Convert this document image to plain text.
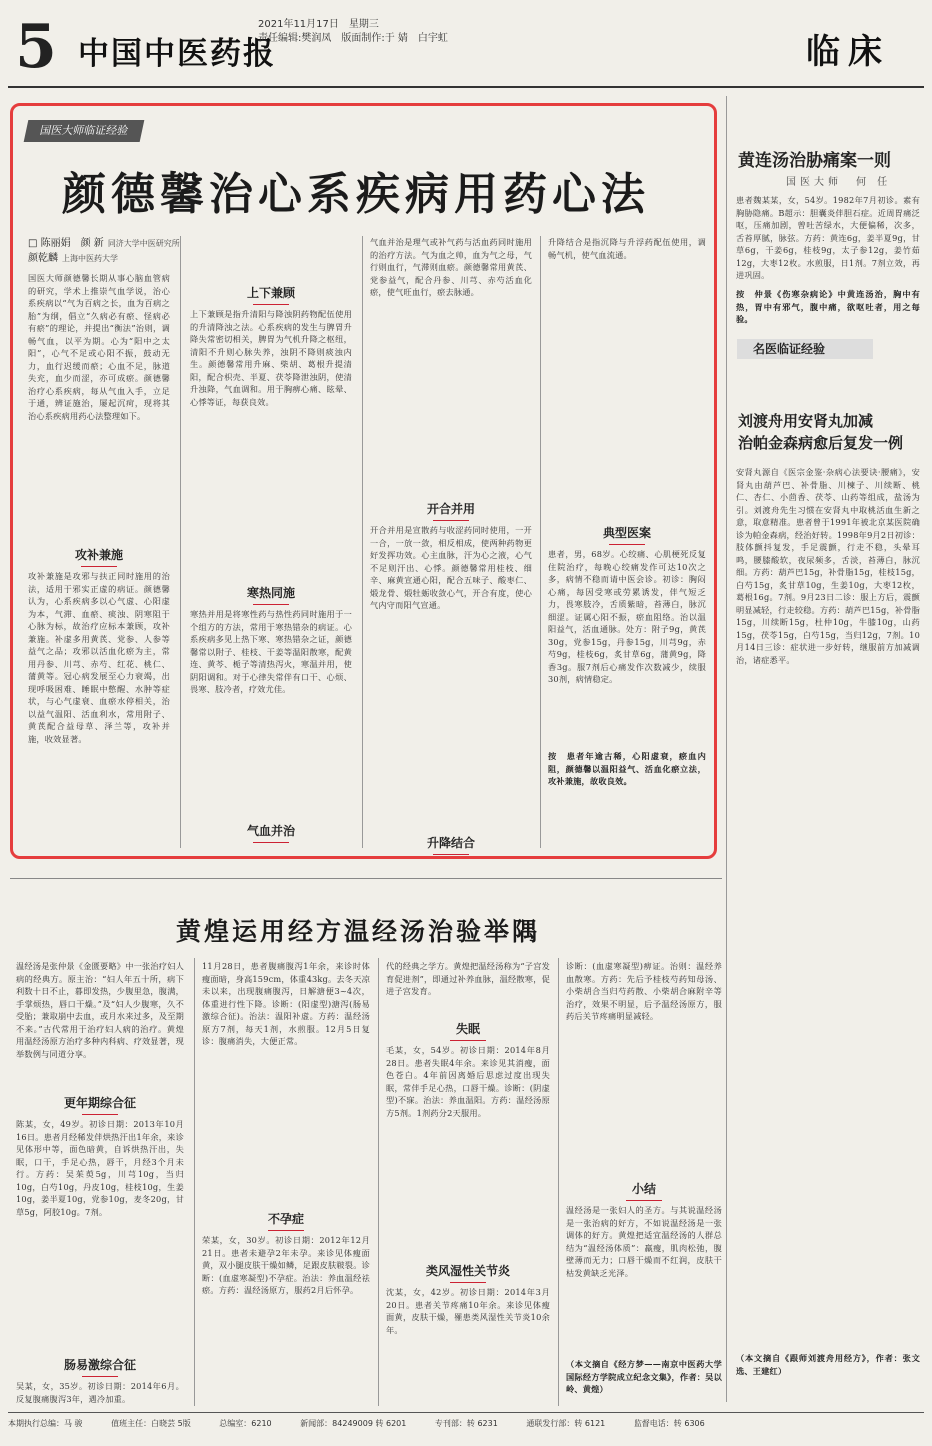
5 中国中医药报
2021年11月17日　星期三
责任编辑:樊润凤　版面制作:于 婧　白宇虹	临床
国医大师临证经验
颜德馨治心系疾病用药心法
□ 陈丽娟　颜 新 同济大学中医研究所
颜乾麟 上海中医药大学
国医大师颜德馨长期从事心脑血管病的研究，学术上推崇气血学说，治心系疾病以“气为百病之长，血为百病之胎”为纲，倡立“久病必有瘀、怪病必有瘀”的理论，并提出“衡法”治则，调畅气血，以平为期。心为“阳中之太阳”，心气不足或心阳不振，鼓动无力，血行迟缓而瘀；心血不足，脉道失充，血少而涩，亦可成瘀。颜德馨治疗心系疾病，每从气血入手，立足于通，辨证施治，屡起沉疴，现将其治心系疾病用药心法整理如下。
攻补兼施
攻补兼施是攻邪与扶正同时施用的治法，适用于邪实正虚的病证。颜德馨认为，心系疾病多以心气虚、心阳虚为本，气滞、血瘀、痰浊、阴寒阻于心脉为标，故治疗应标本兼顾，攻补兼施。补虚多用黄芪、党参、人参等益气之品；攻邪以活血化瘀为主，常用丹参、川芎、赤芍、红花、桃仁、蒲黄等。冠心病发展至心力衰竭，出现呼吸困难、睡眠中憋醒、水肿等症状，与心气虚衰、血瘀水停相关，治以益气温阳、活血利水，常用附子、黄芪配合益母草、泽兰等，攻补并施，收效显著。
上下兼顾
上下兼顾是指升清阳与降浊阴药物配伍使用的升清降浊之法。心系疾病的发生与脾胃升降失常密切相关，脾胃为气机升降之枢纽，清阳不升则心脉失养，浊阴不降则痰浊内生。颜德馨常用升麻、柴胡、葛根升提清阳，配合枳壳、半夏、茯苓降泄浊阴，使清升浊降，气血调和。用于胸痹心痛、眩晕、心悸等证，每获良效。
寒热同施
寒热并用是将寒性药与热性药同时施用于一个组方的方法，常用于寒热错杂的病证。心系疾病多见上热下寒、寒热错杂之证，颜德馨常以附子、桂枝、干姜等温阳散寒，配黄连、黄芩、栀子等清热泻火，寒温并用，使阴阳调和。对于心律失常伴有口干、心烦、畏寒、肢冷者，疗效尤佳。
气血并治
气血并治是理气或补气药与活血药同时施用的治疗方法。气为血之帅，血为气之母，气行则血行，气滞则血瘀。颜德馨常用黄芪、党参益气，配合丹参、川芎、赤芍活血化瘀，使气旺血行，瘀去脉通。
开合并用
开合并用是宣散药与收涩药同时使用，一开一合，一放一敛，相反相成，使两种药物更好发挥功效。心主血脉，汗为心之液，心气不足则汗出、心悸。颜德馨常用桂枝、细辛、麻黄宣通心阳，配合五味子、酸枣仁、煅龙骨、煅牡蛎收敛心气，开合有度，使心气内守而阳气宣通。
升降结合
升降结合是指沉降与升浮药配伍使用，调畅气机，使气血流通。
典型医案
患者，男，68岁。心绞痛、心肌梗死反复住院治疗，每晚心绞痛发作可达10次之多，病情不稳而请中医会诊。初诊：胸闷心痛，每因受寒或劳累诱发，伴气短乏力，畏寒肢冷，舌质紫暗，苔薄白，脉沉细涩。证属心阳不振，瘀血阻络。治以温阳益气，活血通脉。处方：附子9g，黄芪30g，党参15g，丹参15g，川芎9g，赤芍9g，桂枝6g，炙甘草6g，蒲黄9g，降香3g。服7剂后心痛发作次数减少，续服30剂，病情稳定。
按　患者年逾古稀，心阳虚衰，瘀血内阻，颜德馨以温阳益气、活血化瘀立法，攻补兼施，故收良效。
黄连汤治胁痛案一则
国医大师　何 任
患者魏某某，女，54岁。1982年7月初诊。素有胸胁隐痛。B超示：胆囊炎伴胆石症。近周胃痛泛呕，压痛加剧，曾吐苦绿水，大便偏稀，次多，舌苔厚腻，脉弦。方药：黄连6g，姜半夏9g，甘草6g，干姜6g，桂枝9g，太子参12g，姜竹茹12g，大枣12枚。水煎服，日1剂。7剂立效，再进巩固。
按　仲景《伤寒杂病论》中黄连汤治，胸中有热，胃中有邪气，腹中痛，欲呕吐者，用之每验。
名医临证经验
刘渡舟用安肾丸加减
治帕金森病愈后复发一例
安肾丸源自《医宗金鉴·杂病心法要诀·腰痛》，安肾丸由葫芦巴、补骨脂、川楝子、川续断、桃仁、杏仁、小茴香、茯苓、山药等组成，盐汤为引。刘渡舟先生习惯在安肾丸中取桃活血生新之意，取意精准。患者曾于1991年被北京某医院确诊为帕金森病，经治好转。1998年9月2日初诊：肢体颤抖复发，手足震颤，行走不稳，头晕耳鸣，腰膝酸软，夜尿频多，舌淡，苔薄白，脉沉细。方药：葫芦巴15g，补骨脂15g，桂枝15g，白芍15g，炙甘草10g，生姜10g，大枣12枚，葛根16g。7剂。9月23日二诊：服上方后，震颤明显减轻，行走较稳。方药：葫芦巴15g，补骨脂15g，川续断15g，杜仲10g，牛膝10g，山药15g，茯苓15g，白芍15g，当归12g，7剂。10月14日三诊：症状进一步好转，继服前方加减调治，诸症悉平。
（本文摘自《跟师刘渡舟用经方》，作者：张文选、王建红）
黄煌运用经方温经汤治验举隅
温经汤是张仲景《金匮要略》中一张治疗妇人病的经典方。原主治：“妇人年五十所，病下利数十日不止，暮即发热，少腹里急，腹满，手掌烦热，唇口干燥。”及“妇人少腹寒，久不受胎；兼取崩中去血，或月水来过多，及至期不来。”古代常用于治疗妇人病的治疗。黄煌用温经汤原方治疗多种内科病、疗效显著，现举数例与同道分享。
更年期综合征
陈某，女，49岁。初诊日期：2013年10月16日。患者月经稀发伴烘热汗出1年余，来诊见体形中等，面色暗黄，自诉烘热汗出，失眠，口干，手足心热，唇干，月经3个月未行。方药：吴茱萸5g，川芎10g，当归10g，白芍10g，丹皮10g，桂枝10g，生姜10g，姜半夏10g，党参10g，麦冬20g，甘草5g，阿胶10g。7剂。
肠易激综合征
吴某，女，35岁。初诊日期：2014年6月。反复腹痛腹泻3年，遇冷加重。
11月28日，患者腹痛腹泻1年余，来诊时体瘦面暗，身高159cm，体重43kg。去冬天凉未以来，出现腹痛腹泻，日解溏便3~4次，体重进行性下降。诊断：(阳虚型)溏泻(肠易激综合征)。治法：温阳补虚。方药：温经汤原方7剂，每天1剂，水煎服。12月5日复诊：腹痛消失，大便正常。
不孕症
荣某，女，30岁。初诊日期：2012年12月21日。患者未避孕2年未孕。来诊见体瘦面黄，双小腿皮肤干燥如鳞，足跟皮肤皲裂。诊断：(血虚寒凝型)不孕症。治法：养血温经祛瘀。方药：温经汤原方，服药2月后怀孕。
代的经典之学方。黄煌把温经汤称为“子宫发育促进剂”，即通过补养血脉，温经散寒，促进子宫发育。
失眠
毛某，女，54岁。初诊日期：2014年8月28日。患者失眠4年余。来诊见其消瘦，面色苍白。4年前因离婚后思虑过度出现失眠，常伴手足心热，口唇干燥。诊断：(阴虚型)不寐。治法：养血温阳。方药：温经汤原方5剂。1剂药分2天服用。
类风湿性关节炎
沈某，女，42岁。初诊日期：2014年3月20日。患者关节疼痛10年余。来诊见体瘦面黄，皮肤干燥，罹患类风湿性关节炎10余年。
诊断：(血虚寒凝型)痹证。治则：温经养血散寒。方药：先后予桂枝芍药知母汤、小柴胡合当归芍药散、小柴胡合麻附辛等治疗，效果不明显，后予温经汤原方，服药后关节疼痛明显减轻。
小结
温经汤是一张妇人的圣方。与其说温经汤是一张治病的好方，不如说温经汤是一张调体的好方。黄煌把适宜温经汤的人群总结为“温经汤体质”：羸瘦，肌肉松弛，腹壁薄而无力；口唇干燥而不红润，皮肤干枯发黄缺乏光泽。
（本文摘自《经方梦——南京中医药大学国际经方学院成立纪念文集》，作者：吴以岭、黄煌）
本期执行总编：马 骏	值班主任：白晓芸 5版	总编室：6210	新闻部：84249009 转 6201	专刊部：转 6231	通联发行部：转 6121	监督电话：转 6306
